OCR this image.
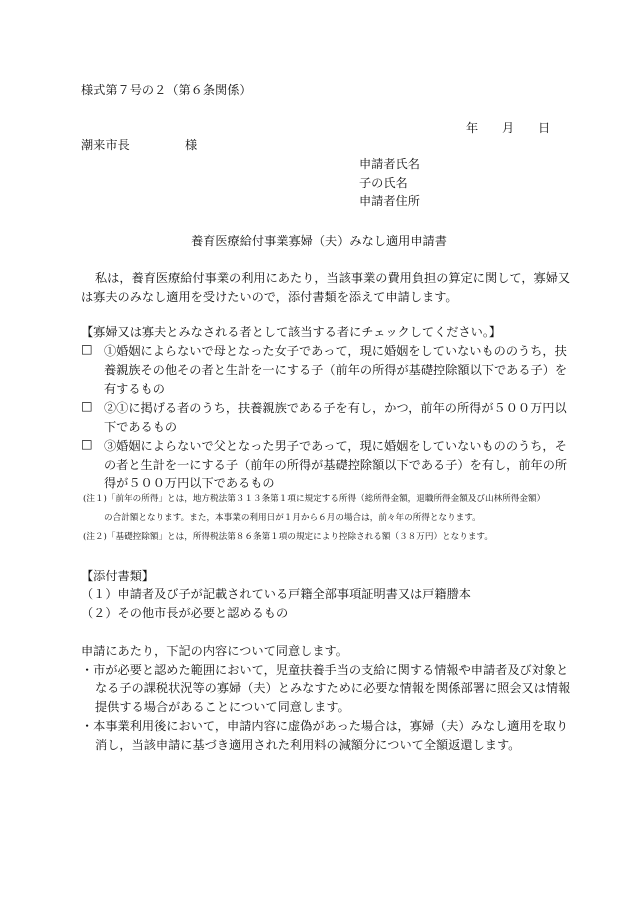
様式第７号の２（第６条関係）
年 月 日
潮来市長	様
申請者氏名
子の氏名
申請者住所
養育医療給付事業寡婦（夫）みなし適用申請書
私は，養育医療給付事業の利用にあたり，当該事業の費用負担の算定に関して，寡婦又
は寡夫のみなし適用を受けたいので，添付書類を添えて申請します。
【寡婦又は寡夫とみなされる者として該当する者にチェックしてください。】
□ ①婚姻によらないで母となった女子であって，現に婚姻をしていないもののうち，扶
養親族その他その者と生計を一にする子（前年の所得が基礎控除額以下である子）を
有するもの
□ ②①に掲げる者のうち，扶養親族である子を有し，かつ，前年の所得が５００万円以
下であるもの
□ ③婚姻によらないで父となった男子であって，現に婚姻をしていないもののうち，そ
の者と生計を一にする子（前年の所得が基礎控除額以下である子）を有し，前年の所
得が５００万円以下であるもの
(注１)「前年の所得」とは，地方税法第３１３条第１項に規定する所得（総所得金額，退職所得金額及び山林所得金額）
の合計額となります。また，本事業の利用日が１月から６月の場合は，前々年の所得となります。
(注２)「基礎控除額」とは，所得税法第８６条第１項の規定により控除される額（３８万円）となります。
【添付書類】
（１）申請者及び子が記載されている戸籍全部事項証明書又は戸籍謄本
（２）その他市長が必要と認めるもの
申請にあたり，下記の内容について同意します。
・市が必要と認めた範囲において，児童扶養手当の支給に関する情報や申請者及び対象と
なる子の課税状況等の寡婦（夫）とみなすために必要な情報を関係部署に照会又は情報
提供する場合があることについて同意します。
・本事業利用後において，申請内容に虚偽があった場合は，寡婦（夫）みなし適用を取り
消し，当該申請に基づき適用された利用料の減額分について全額返還します。
